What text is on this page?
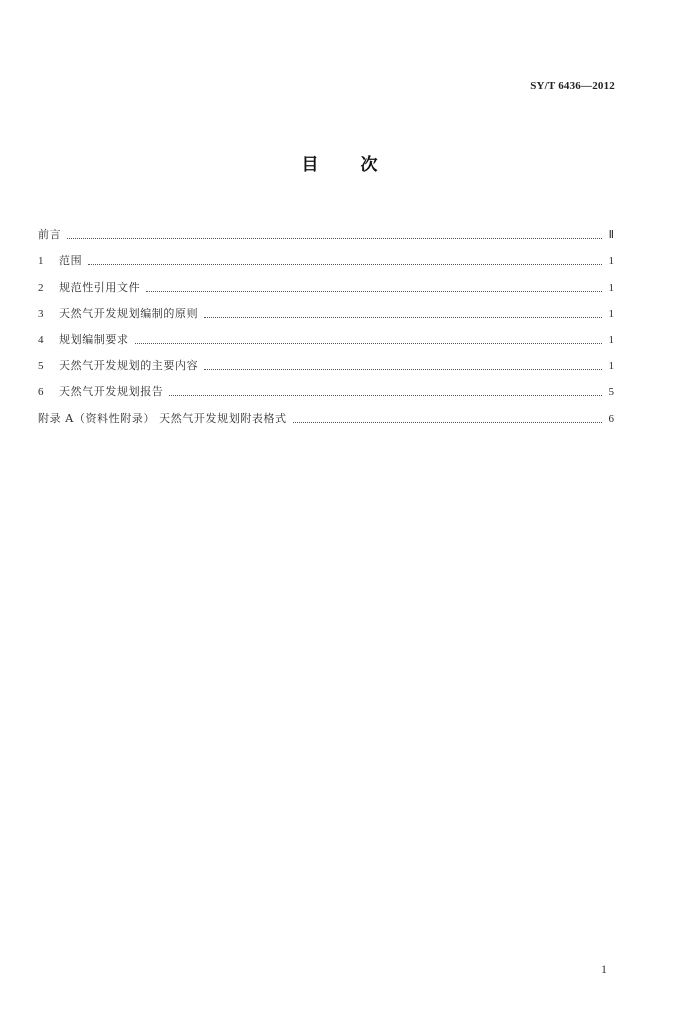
SY/T 6436—2012
目 次
前言	Ⅱ
1	范围	1
2	规范性引用文件	1
3	天然气开发规划编制的原则	1
4	规划编制要求	1
5	天然气开发规划的主要内容	1
6	天然气开发规划报告	5
附录 A（资料性附录） 天然气开发规划附表格式	6
1
